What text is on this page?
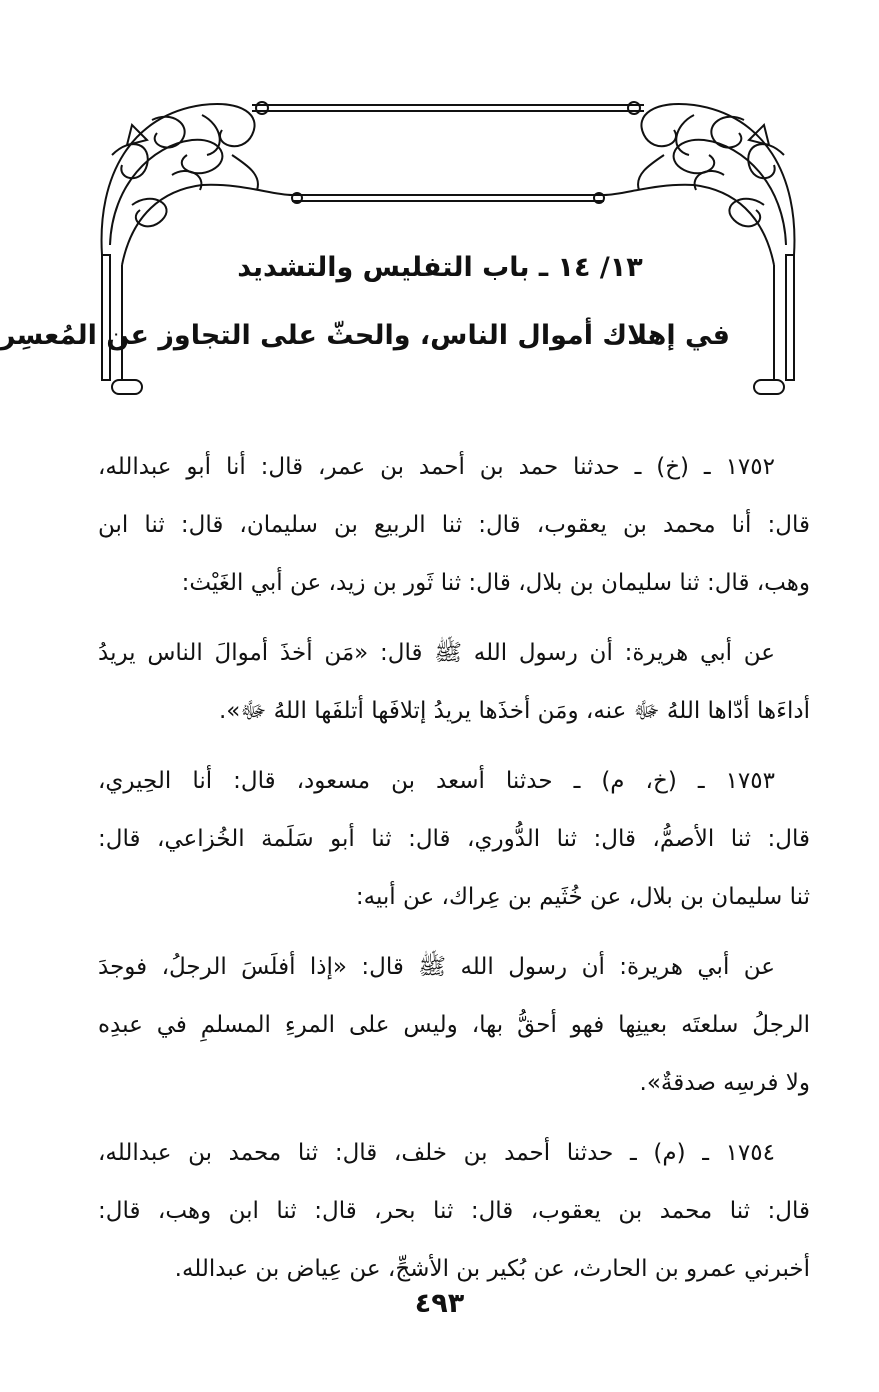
١٣/ ١٤ ـ باب التفليس والتشديد
في إهلاك أموال الناس، والحثّ على التجاوز عن المُعسِر

١٧٥٢ ـ (خ) ـ حدثنا حمد بن أحمد بن عمر، قال: أنا أبو عبدالله،
قال: أنا محمد بن يعقوب، قال: ثنا الربيع بن سليمان، قال: ثنا ابن
وهب، قال: ثنا سليمان بن بلال، قال: ثنا ثَور بن زيد، عن أبي الغَيْث:

عن أبي هريرة: أن رسول الله ﷺ قال: «مَن أخذَ أموالَ الناس يريدُ
أداءَها أدّاها اللهُ ﷻ عنه، ومَن أخذَها يريدُ إتلافَها أتلفَها اللهُ ﷻ».

١٧٥٣ ـ (خ، م) ـ حدثنا أسعد بن مسعود، قال: أنا الحِيري،
قال: ثنا الأصمُّ، قال: ثنا الدُّوري، قال: ثنا أبو سَلَمة الخُزاعي، قال:
ثنا سليمان بن بلال، عن خُثَيم بن عِراك، عن أبيه:

عن أبي هريرة: أن رسول الله ﷺ قال: «إذا أفلَسَ الرجلُ، فوجدَ
الرجلُ سلعتَه بعينِها فهو أحقُّ بها، وليس على المرءِ المسلمِ في عبدِه
ولا فرسِه صدقةٌ».

١٧٥٤ ـ (م) ـ حدثنا أحمد بن خلف، قال: ثنا محمد بن عبدالله،
قال: ثنا محمد بن يعقوب، قال: ثنا بحر، قال: ثنا ابن وهب، قال:
أخبرني عمرو بن الحارث، عن بُكير بن الأشجِّ، عن عِياض بن عبدالله.

٤٩٣
